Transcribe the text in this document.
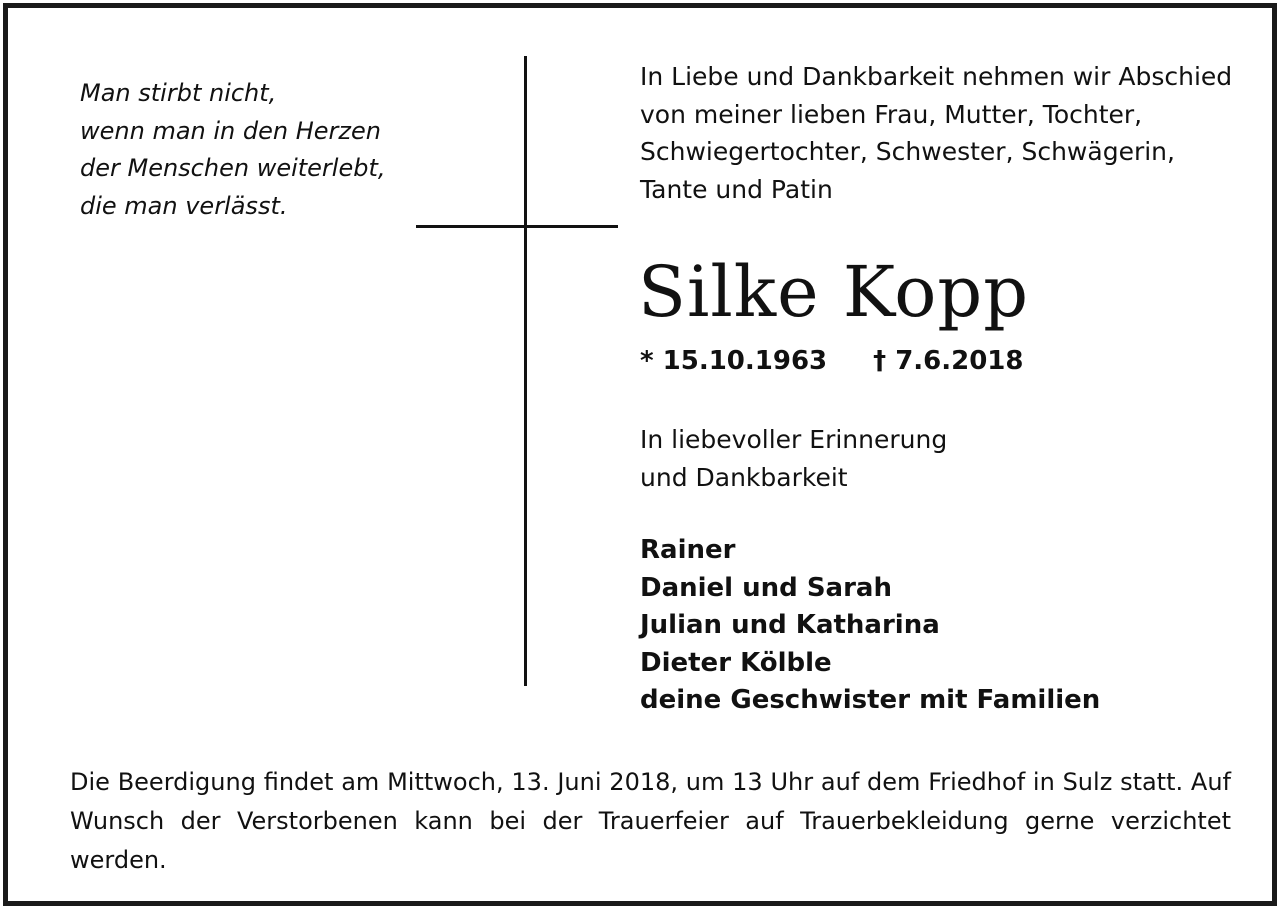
Man stirbt nicht,
wenn man in den Herzen
der Menschen weiterlebt,
die man verlässt.
In Liebe und Dankbarkeit nehmen wir Abschied
von meiner lieben Frau, Mutter, Tochter,
Schwiegertochter, Schwester, Schwägerin,
Tante und Patin
Silke Kopp
* 15.10.1963 † 7.6.2018
In liebevoller Erinnerung
und Dankbarkeit
Rainer
Daniel und Sarah
Julian und Katharina
Dieter Kölble
deine Geschwister mit Familien
Die Beerdigung findet am Mittwoch, 13. Juni 2018, um 13 Uhr auf dem Friedhof in Sulz statt. Auf Wunsch der Verstorbenen kann bei der Trauerfeier auf Trauerbekleidung gerne verzichtet werden.
